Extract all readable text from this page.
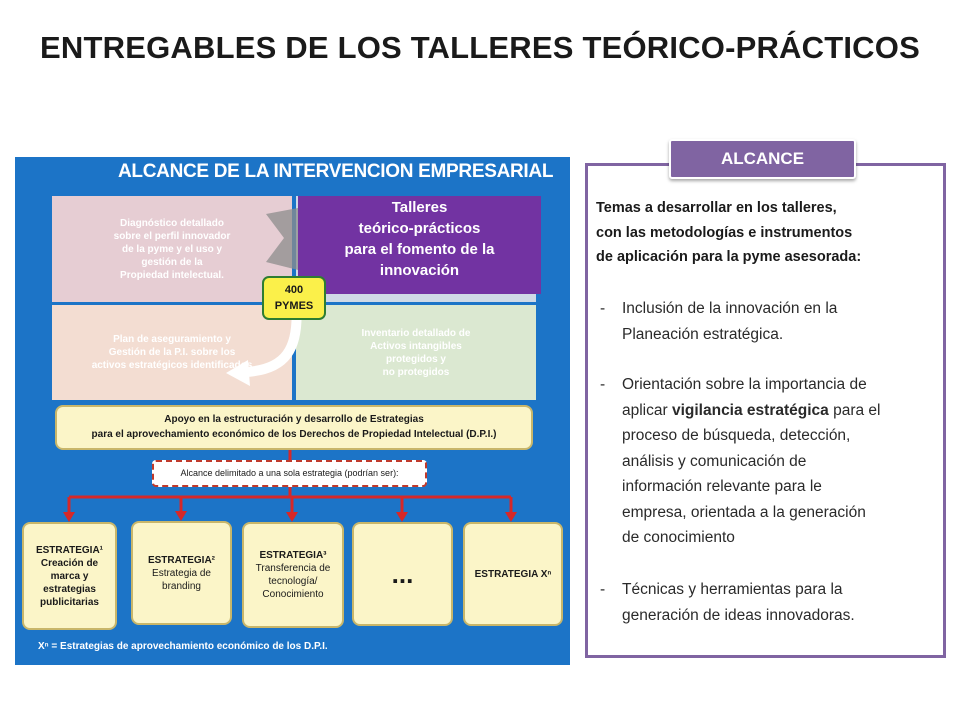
ENTREGABLES DE LOS TALLERES TEÓRICO-PRÁCTICOS
ALCANCE DE LA INTERVENCION EMPRESARIAL
Diagnóstico detallado
sobre el perfil innovador
de la pyme y el uso y
gestión de la
Propiedad intelectual.
Plan de aseguramiento y
Gestión de la P.I. sobre los
activos estratégicos identificados
Inventario detallado de
Activos intangibles
protegidos y
no protegidos
Talleres
teórico-prácticos
para el fomento de la
innovación
400
PYMES
Apoyo en la estructuración y desarrollo de Estrategias
para el aprovechamiento económico de los Derechos de Propiedad Intelectual (D.P.I.)
Alcance delimitado a una sola estrategia (podrían ser):
ESTRATEGIA¹
Creación de
marca y
estrategias
publicitarias
ESTRATEGIA²
Estrategia de
branding
ESTRATEGIA³
Transferencia de
tecnología/
Conocimiento
...	ESTRATEGIA Xⁿ
Xⁿ = Estrategias de aprovechamiento económico de los D.P.I.
ALCANCE
Temas a desarrollar en los talleres,
con las metodologías e instrumentos
de aplicación para la pyme asesorada:
- Inclusión de la innovación en la
Planeación estratégica.
- Orientación sobre la importancia de
aplicar vigilancia estratégica para el
proceso de búsqueda, detección,
análisis y comunicación de
información relevante para le
empresa, orientada a la generación
de conocimiento
- Técnicas y herramientas para la
generación de ideas innovadoras.
